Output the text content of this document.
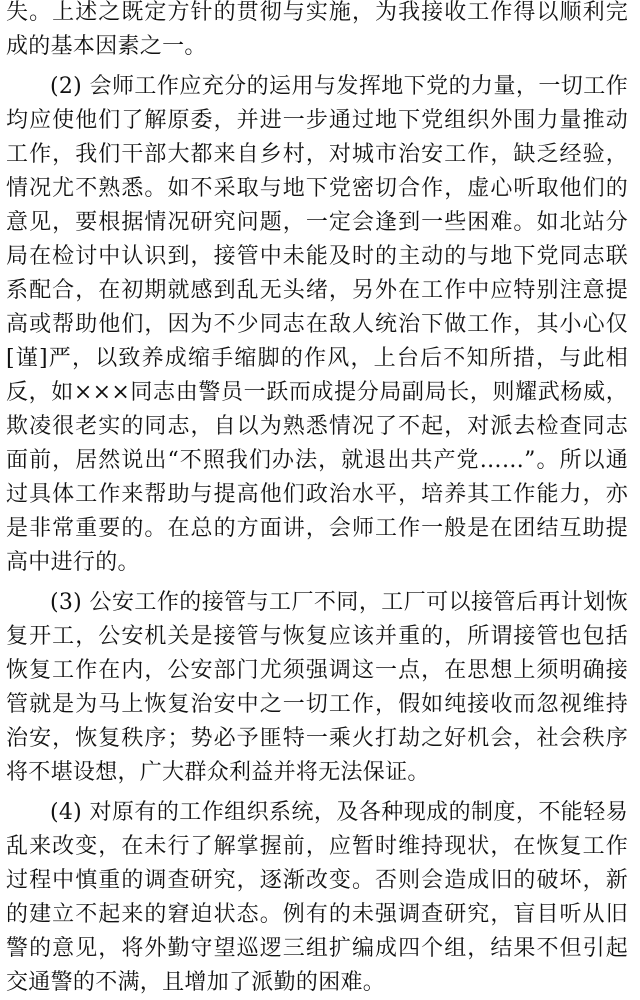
失。上述之既定方针的贯彻与实施，为我接收工作得以顺利完成的基本因素之一。

(2) 会师工作应充分的运用与发挥地下党的力量，一切工作均应使他们了解原委，并进一步通过地下党组织外围力量推动工作，我们干部大都来自乡村，对城市治安工作，缺乏经验，情况尤不熟悉。如不采取与地下党密切合作，虚心听取他们的意见，要根据情况研究问题，一定会逢到一些困难。如北站分局在检讨中认识到，接管中未能及时的主动的与地下党同志联系配合，在初期就感到乱无头绪，另外在工作中应特别注意提高或帮助他们，因为不少同志在敌人统治下做工作，其小心仅[谨]严，以致养成缩手缩脚的作风，上台后不知所措，与此相反，如×××同志由警员一跃而成提分局副局长，则耀武杨威，欺凌很老实的同志，自以为熟悉情况了不起，对派去检查同志面前，居然说出“不照我们办法，就退出共产党……”。所以通过具体工作来帮助与提高他们政治水平，培养其工作能力，亦是非常重要的。在总的方面讲，会师工作一般是在团结互助提高中进行的。

(3) 公安工作的接管与工厂不同，工厂可以接管后再计划恢复开工，公安机关是接管与恢复应该并重的，所谓接管也包括恢复工作在内，公安部门尤须强调这一点，在思想上须明确接管就是为马上恢复治安中之一切工作，假如纯接收而忽视维持治安，恢复秩序；势必予匪特一乘火打劫之好机会，社会秩序将不堪设想，广大群众利益并将无法保证。

(4) 对原有的工作组织系统，及各种现成的制度，不能轻易乱来改变，在未行了解掌握前，应暂时维持现状，在恢复工作过程中慎重的调查研究，逐渐改变。否则会造成旧的破坏，新的建立不起来的窘迫状态。例有的未强调查研究，盲目听从旧警的意见，将外勤守望巡逻三组扩编成四个组，结果不但引起交通警的不满，且增加了派勤的困难。
